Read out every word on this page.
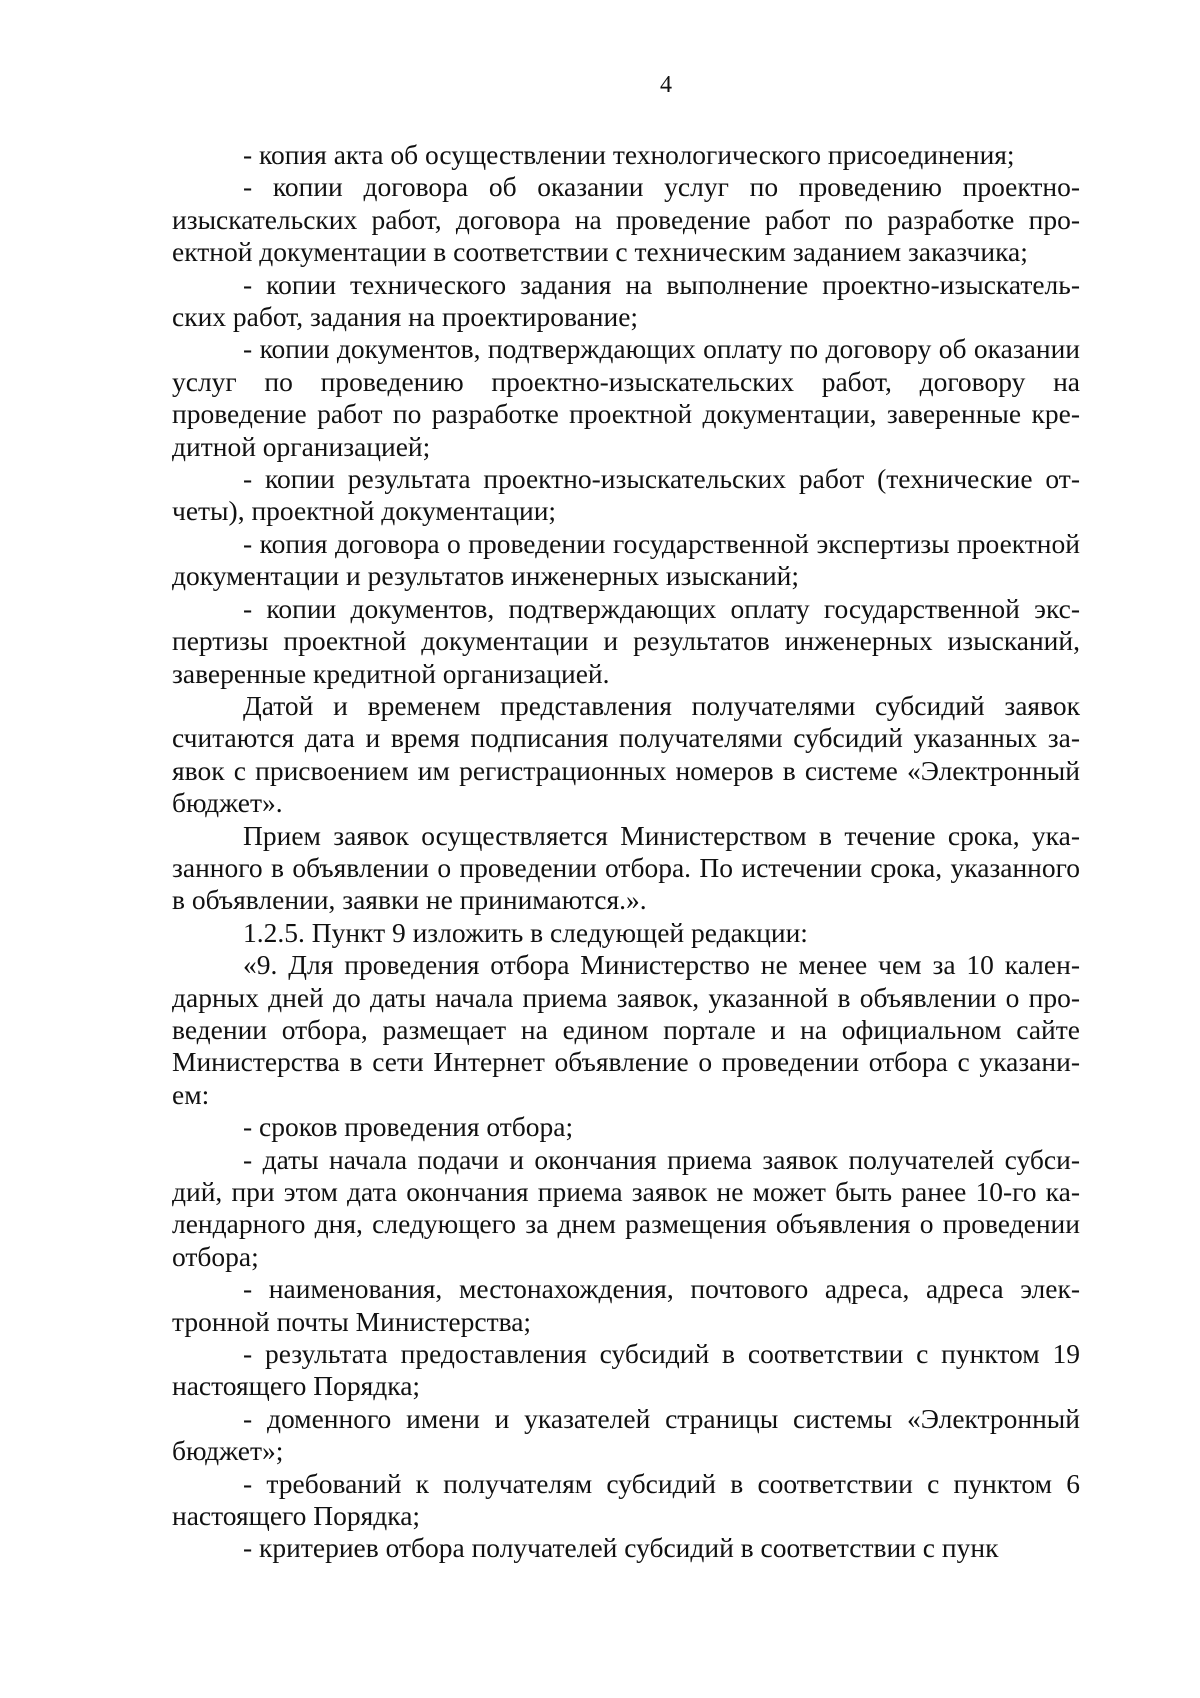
4

- копия акта об осуществлении технологического присоединения;

- копии договора об оказании услуг по проведению проектно-изыскательских работ, договора на проведение работ по разработке проектной документации в соответствии с техническим заданием заказчика;

- копии технического задания на выполнение проектно-изыскательских работ, задания на проектирование;

- копии документов, подтверждающих оплату по договору об оказании услуг по проведению проектно-изыскательских работ, договору на проведение работ по разработке проектной документации, заверенные кредитной организацией;

- копии результата проектно-изыскательских работ (технические отчеты), проектной документации;

- копия договора о проведении государственной экспертизы проектной документации и результатов инженерных изысканий;

- копии документов, подтверждающих оплату государственной экспертизы проектной документации и результатов инженерных изысканий, заверенные кредитной организацией.

Датой и временем представления получателями субсидий заявок считаются дата и время подписания получателями субсидий указанных заявок с присвоением им регистрационных номеров в системе «Электронный бюджет».

Прием заявок осуществляется Министерством в течение срока, указанного в объявлении о проведении отбора. По истечении срока, указанного в объявлении, заявки не принимаются.».

1.2.5. Пункт 9 изложить в следующей редакции:

«9. Для проведения отбора Министерство не менее чем за 10 календарных дней до даты начала приема заявок, указанной в объявлении о проведении отбора, размещает на едином портале и на официальном сайте Министерства в сети Интернет объявление о проведении отбора с указанием:

- сроков проведения отбора;

- даты начала подачи и окончания приема заявок получателей субсидий, при этом дата окончания приема заявок не может быть ранее 10-го календарного дня, следующего за днем размещения объявления о проведении отбора;

- наименования, местонахождения, почтового адреса, адреса электронной почты Министерства;

- результата предоставления субсидий в соответствии с пунктом 19 настоящего Порядка;

- доменного имени и указателей страницы системы «Электронный бюджет»;

- требований к получателям субсидий в соответствии с пунктом 6 настоящего Порядка;

- критериев отбора получателей субсидий в соответствии с пунк
